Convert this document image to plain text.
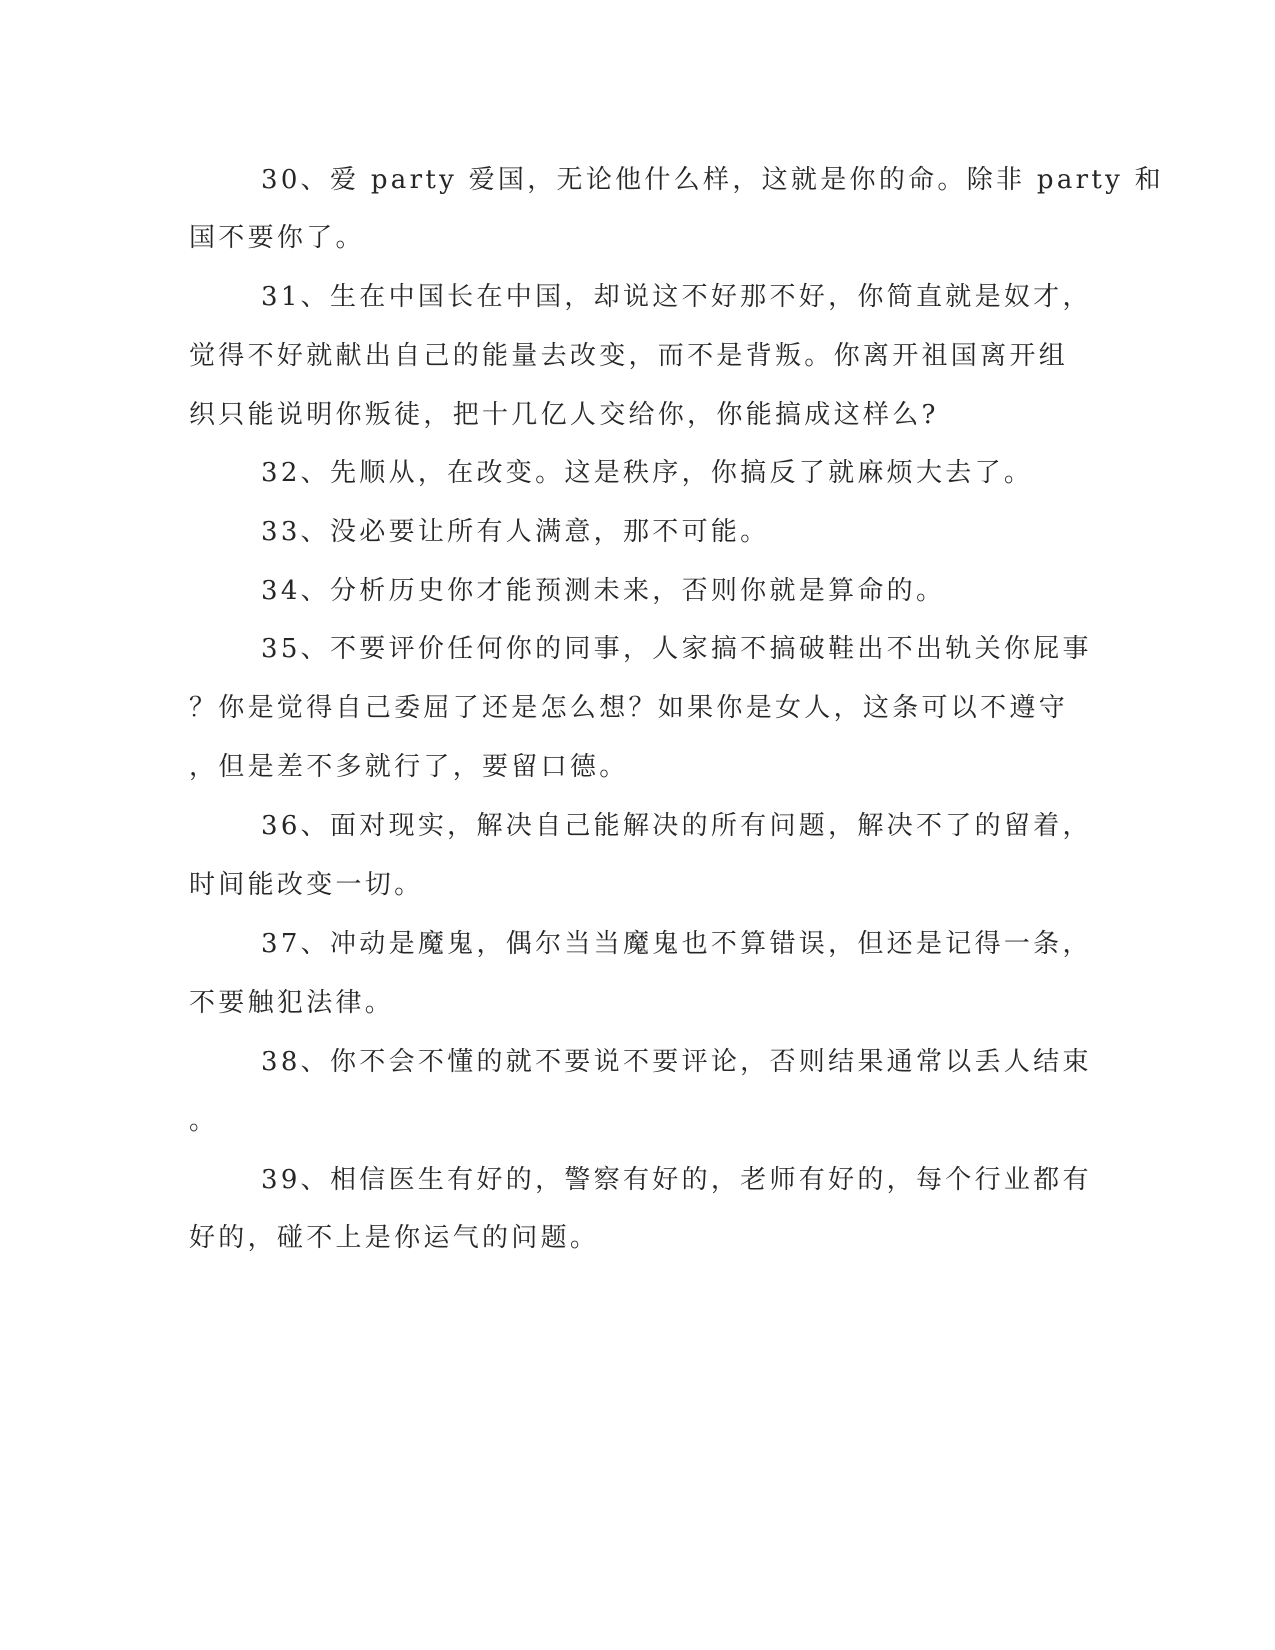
30、爱 party 爱国，无论他什么样，这就是你的命。除非 party 和
国不要你了。
31、生在中国长在中国，却说这不好那不好，你简直就是奴才，
觉得不好就献出自己的能量去改变，而不是背叛。你离开祖国离开组
织只能说明你叛徒，把十几亿人交给你，你能搞成这样么?
32、先顺从，在改变。这是秩序，你搞反了就麻烦大去了。
33、没必要让所有人满意，那不可能。
34、分析历史你才能预测未来，否则你就是算命的。
35、不要评价任何你的同事，人家搞不搞破鞋出不出轨关你屁事
？你是觉得自己委屈了还是怎么想？如果你是女人，这条可以不遵守
，但是差不多就行了，要留口德。
36、面对现实，解决自己能解决的所有问题，解决不了的留着，
时间能改变一切。
37、冲动是魔鬼，偶尔当当魔鬼也不算错误，但还是记得一条，
不要触犯法律。
38、你不会不懂的就不要说不要评论，否则结果通常以丢人结束
。
39、相信医生有好的，警察有好的，老师有好的，每个行业都有
好的，碰不上是你运气的问题。
